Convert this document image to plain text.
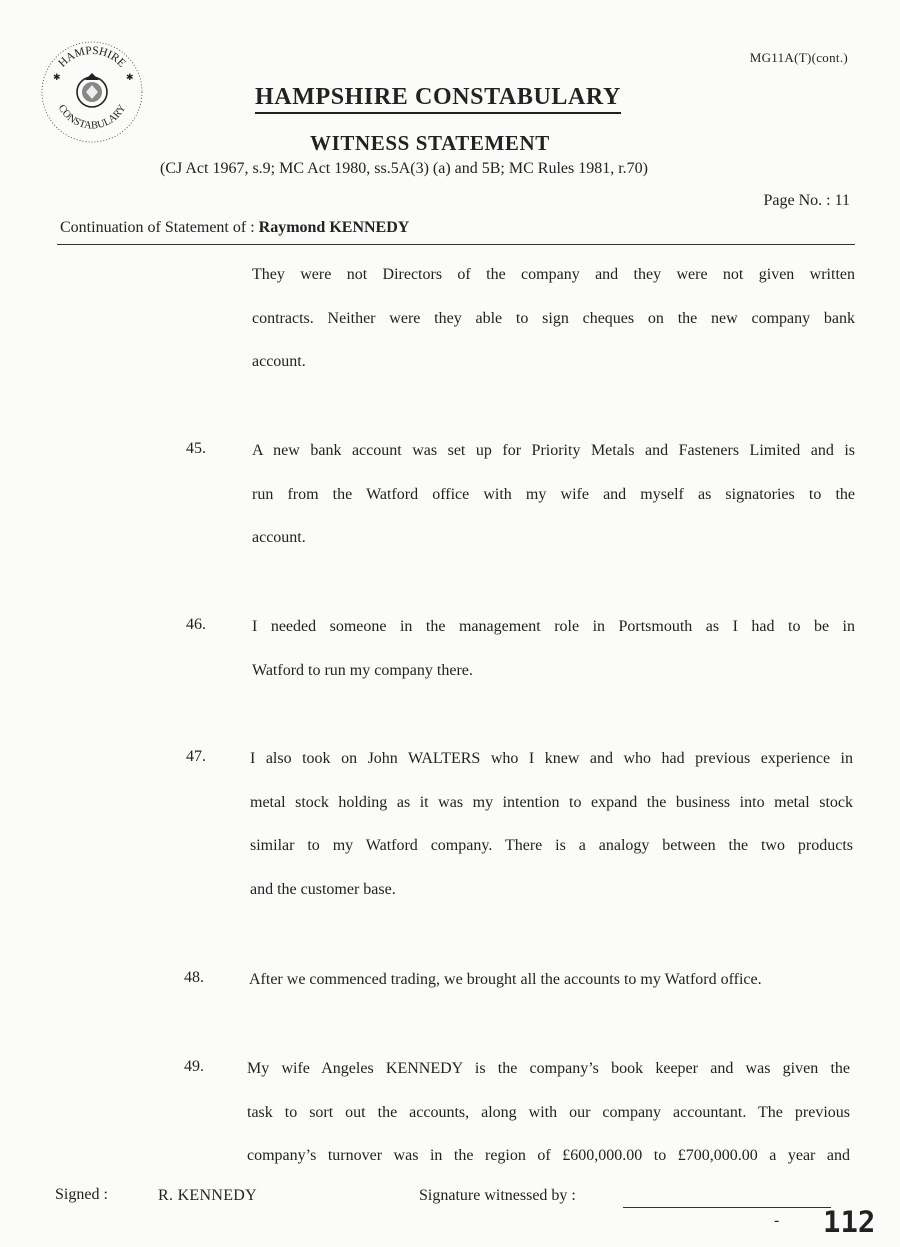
MG11A(T)(cont.)
HAMPSHIRE
CONSTABULARY
✱	✱
HAMPSHIRE CONSTABULARY
WITNESS STATEMENT
(CJ Act 1967, s.9; MC Act 1980, ss.5A(3) (a) and 5B; MC Rules 1981, r.70)
Page No. : 11
Continuation of Statement of : Raymond KENNEDY
They were not Directors of the company and they were not given written
contracts. Neither were they able to sign cheques on the new company bank
account.
45.	A new bank account was set up for Priority Metals and Fasteners Limited and is
run from the Watford office with my wife and myself as signatories to the
account.
46.	I needed someone in the management role in Portsmouth as I had to be in
Watford to run my company there.
47.	I also took on John WALTERS who I knew and who had previous experience in
metal stock holding as it was my intention to expand the business into metal stock
similar to my Watford company. There is a analogy between the two products
and the customer base.
48.	After we commenced trading, we brought all the accounts to my Watford office.
49.	My wife Angeles KENNEDY is the company’s book keeper and was given the
task to sort out the accounts, along with our company accountant. The previous
company’s turnover was in the region of £600,000.00 to £700,000.00 a year and
Signed :	R. KENNEDY	Signature witnessed by :
- 112
